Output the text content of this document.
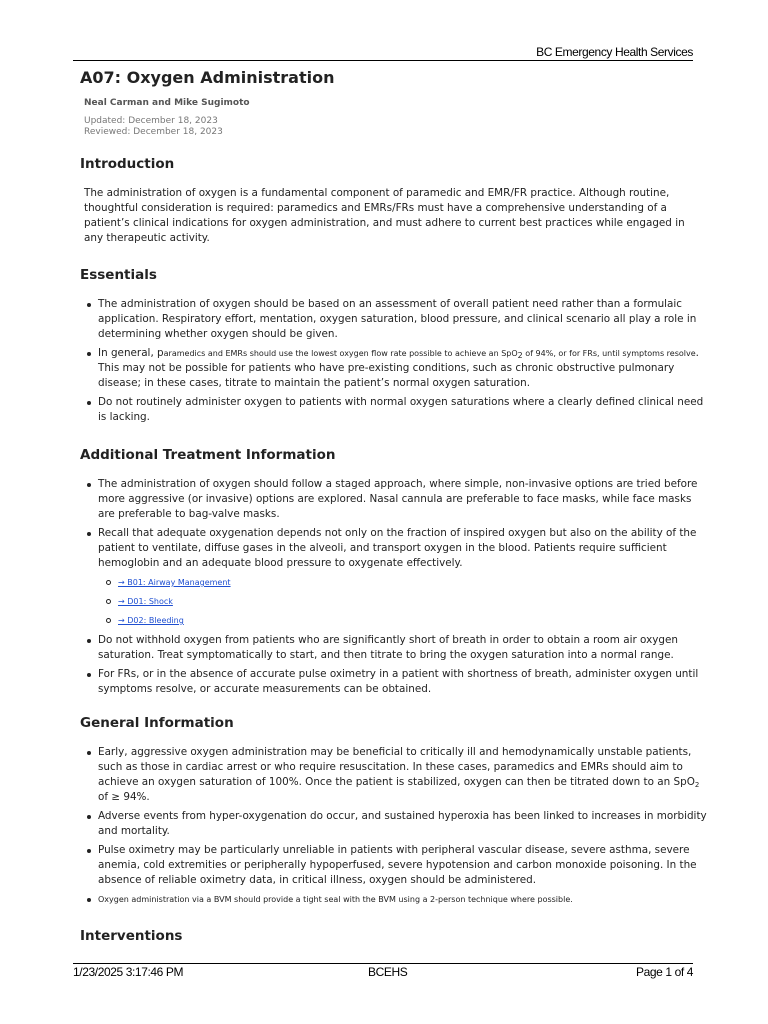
BC Emergency Health Services
A07: Oxygen Administration

Neal Carman and Mike Sugimoto

Updated: December 18, 2023
Reviewed: December 18, 2023
Introduction

The administration of oxygen is a fundamental component of paramedic and EMR/FR practice. Although routine, thoughtful consideration is required: paramedics and EMRs/FRs must have a comprehensive understanding of a patient’s clinical indications for oxygen administration, and must adhere to current best practices while engaged in any therapeutic activity.

Essentials
The administration of oxygen should be based on an assessment of overall patient need rather than a formulaic application. Respiratory effort, mentation, oxygen saturation, blood pressure, and clinical scenario all play a role in determining whether oxygen should be given.
In general, paramedics and EMRs should use the lowest oxygen flow rate possible to achieve an SpO$_2$ of 94%, or for FRs, until symptoms resolve. This may not be possible for patients who have pre-existing conditions, such as chronic obstructive pulmonary disease; in these cases, titrate to maintain the patient’s normal oxygen saturation.
Do not routinely administer oxygen to patients with normal oxygen saturations where a clearly defined clinical need is lacking.
Additional Treatment Information
The administration of oxygen should follow a staged approach, where simple, non-invasive options are tried before more aggressive (or invasive) options are explored. Nasal cannula are preferable to face masks, while face masks are preferable to bag-valve masks.
Recall that adequate oxygenation depends not only on the fraction of inspired oxygen but also on the ability of the patient to ventilate, diffuse gases in the alveoli, and transport oxygen in the blood. Patients require sufficient hemoglobin and an adequate blood pressure to oxygenate effectively.
→ B01: Airway Management
→ D01: Shock
→ D02: Bleeding
Do not withhold oxygen from patients who are significantly short of breath in order to obtain a room air oxygen saturation. Treat symptomatically to start, and then titrate to bring the oxygen saturation into a normal range.
For FRs, or in the absence of accurate pulse oximetry in a patient with shortness of breath, administer oxygen until symptoms resolve, or accurate measurements can be obtained.
General Information
Early, aggressive oxygen administration may be beneficial to critically ill and hemodynamically unstable patients, such as those in cardiac arrest or who require resuscitation. In these cases, paramedics and EMRs should aim to achieve an oxygen saturation of 100%. Once the patient is stabilized, oxygen can then be titrated down to an SpO$_2$ of ≥ 94%.
Adverse events from hyper-oxygenation do occur, and sustained hyperoxia has been linked to increases in morbidity and mortality.
Pulse oximetry may be particularly unreliable in patients with peripheral vascular disease, severe asthma, severe anemia, cold extremities or peripherally hypoperfused, severe hypotension and carbon monoxide poisoning. In the absence of reliable oximetry data, in critical illness, oxygen should be administered.
Oxygen administration via a BVM should provide a tight seal with the BVM using a 2-person technique where possible.
Interventions
1/23/2025 3:17:46 PM	BCEHS	Page 1 of 4
